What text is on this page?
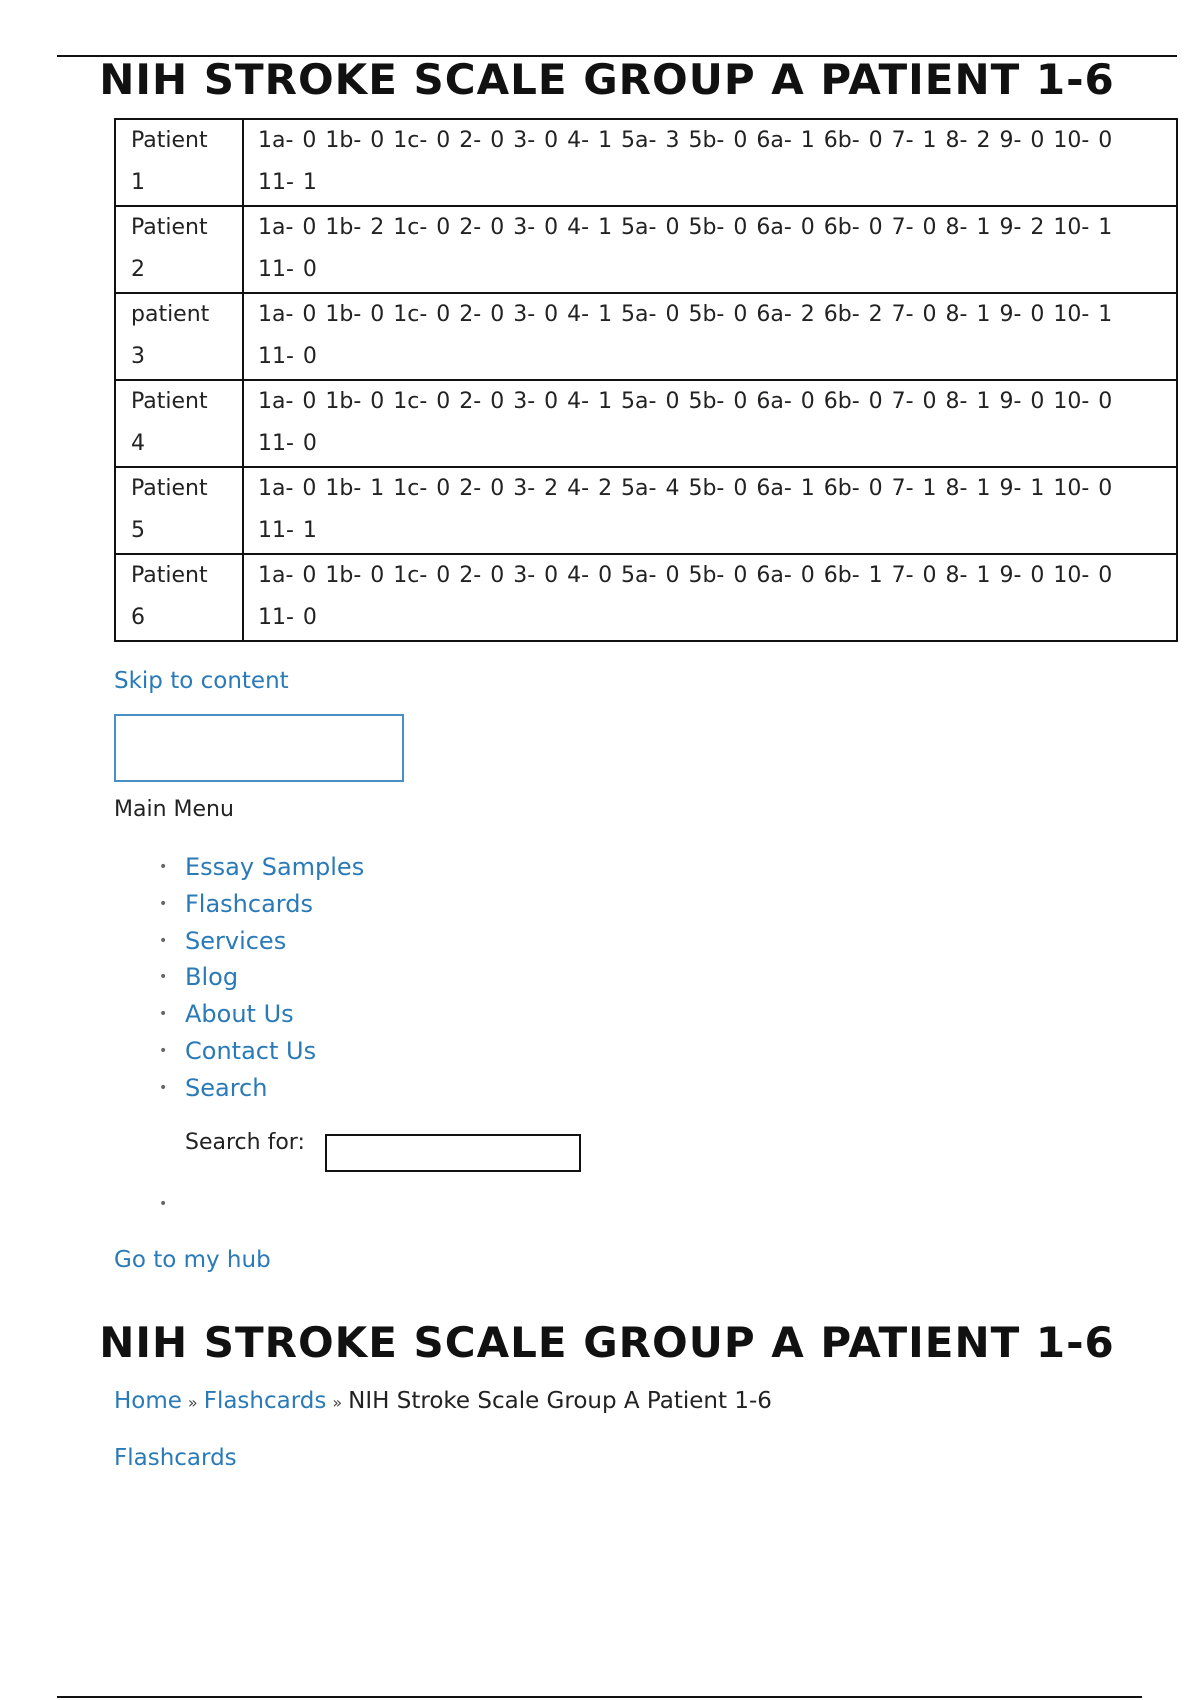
NIH STROKE SCALE GROUP A PATIENT 1-6
Patient
1	1a- 0 1b- 0 1c- 0 2- 0 3- 0 4- 1 5a- 3 5b- 0 6a- 1 6b- 0 7- 1 8- 2 9- 0 10- 0
11- 1
Patient
2	1a- 0 1b- 2 1c- 0 2- 0 3- 0 4- 1 5a- 0 5b- 0 6a- 0 6b- 0 7- 0 8- 1 9- 2 10- 1
11- 0
patient
3	1a- 0 1b- 0 1c- 0 2- 0 3- 0 4- 1 5a- 0 5b- 0 6a- 2 6b- 2 7- 0 8- 1 9- 0 10- 1
11- 0
Patient
4	1a- 0 1b- 0 1c- 0 2- 0 3- 0 4- 1 5a- 0 5b- 0 6a- 0 6b- 0 7- 0 8- 1 9- 0 10- 0
11- 0
Patient
5	1a- 0 1b- 1 1c- 0 2- 0 3- 2 4- 2 5a- 4 5b- 0 6a- 1 6b- 0 7- 1 8- 1 9- 1 10- 0
11- 1
Patient
6	1a- 0 1b- 0 1c- 0 2- 0 3- 0 4- 0 5a- 0 5b- 0 6a- 0 6b- 1 7- 0 8- 1 9- 0 10- 0
11- 0
Skip to content
Main Menu
• Essay Samples
• Flashcards
• Services
• Blog
• About Us
• Contact Us
• Search
Search for:
•
Go to my hub
NIH STROKE SCALE GROUP A PATIENT 1-6
Home » Flashcards » NIH Stroke Scale Group A Patient 1-6
Flashcards
